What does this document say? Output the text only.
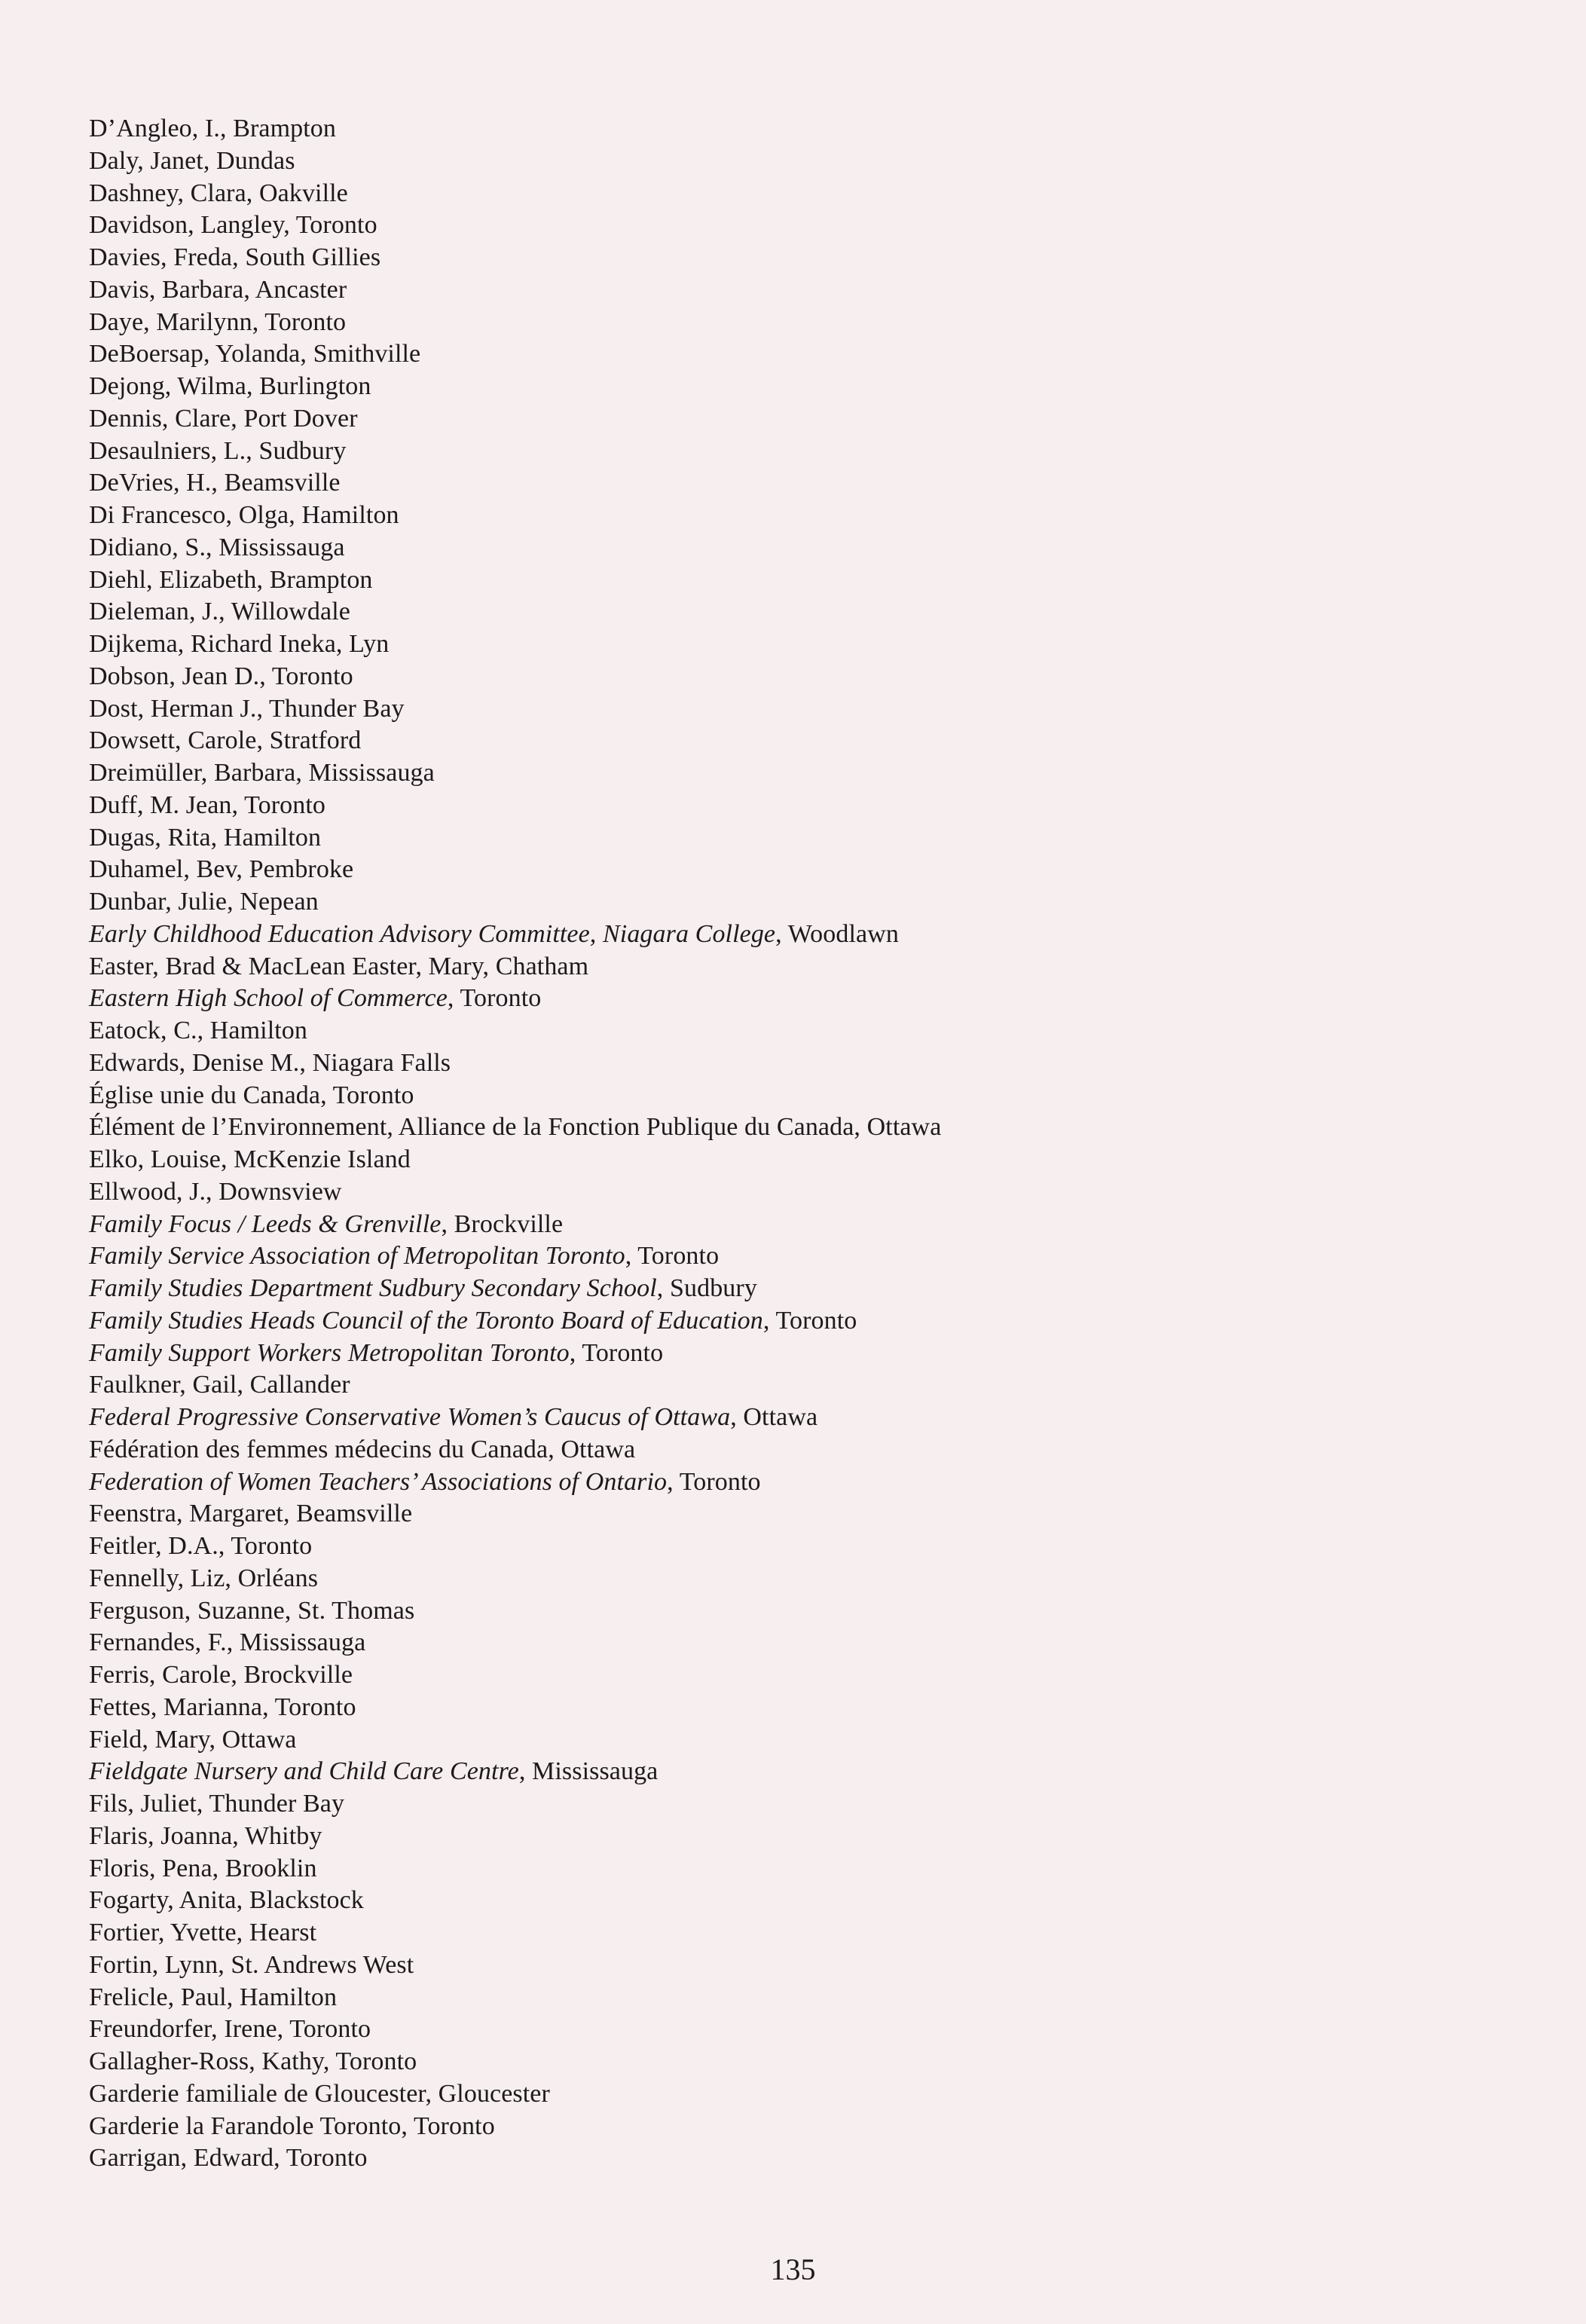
D’Angleo, I., Brampton
Daly, Janet, Dundas
Dashney, Clara, Oakville
Davidson, Langley, Toronto
Davies, Freda, South Gillies
Davis, Barbara, Ancaster
Daye, Marilynn, Toronto
DeBoersap, Yolanda, Smithville
Dejong, Wilma, Burlington
Dennis, Clare, Port Dover
Desaulniers, L., Sudbury
DeVries, H., Beamsville
Di Francesco, Olga, Hamilton
Didiano, S., Mississauga
Diehl, Elizabeth, Brampton
Dieleman, J., Willowdale
Dijkema, Richard Ineka, Lyn
Dobson, Jean D., Toronto
Dost, Herman J., Thunder Bay
Dowsett, Carole, Stratford
Dreimüller, Barbara, Mississauga
Duff, M. Jean, Toronto
Dugas, Rita, Hamilton
Duhamel, Bev, Pembroke
Dunbar, Julie, Nepean
Early Childhood Education Advisory Committee, Niagara College, Woodlawn
Easter, Brad & MacLean Easter, Mary, Chatham
Eastern High School of Commerce, Toronto
Eatock, C., Hamilton
Edwards, Denise M., Niagara Falls
Église unie du Canada, Toronto
Élément de l’Environnement, Alliance de la Fonction Publique du Canada, Ottawa
Elko, Louise, McKenzie Island
Ellwood, J., Downsview
Family Focus / Leeds & Grenville, Brockville
Family Service Association of Metropolitan Toronto, Toronto
Family Studies Department Sudbury Secondary School, Sudbury
Family Studies Heads Council of the Toronto Board of Education, Toronto
Family Support Workers Metropolitan Toronto, Toronto
Faulkner, Gail, Callander
Federal Progressive Conservative Women’s Caucus of Ottawa, Ottawa
Fédération des femmes médecins du Canada, Ottawa
Federation of Women Teachers’ Associations of Ontario, Toronto
Feenstra, Margaret, Beamsville
Feitler, D.A., Toronto
Fennelly, Liz, Orléans
Ferguson, Suzanne, St. Thomas
Fernandes, F., Mississauga
Ferris, Carole, Brockville
Fettes, Marianna, Toronto
Field, Mary, Ottawa
Fieldgate Nursery and Child Care Centre, Mississauga
Fils, Juliet, Thunder Bay
Flaris, Joanna, Whitby
Floris, Pena, Brooklin
Fogarty, Anita, Blackstock
Fortier, Yvette, Hearst
Fortin, Lynn, St. Andrews West
Frelicle, Paul, Hamilton
Freundorfer, Irene, Toronto
Gallagher-Ross, Kathy, Toronto
Garderie familiale de Gloucester, Gloucester
Garderie la Farandole Toronto, Toronto
Garrigan, Edward, Toronto
135
